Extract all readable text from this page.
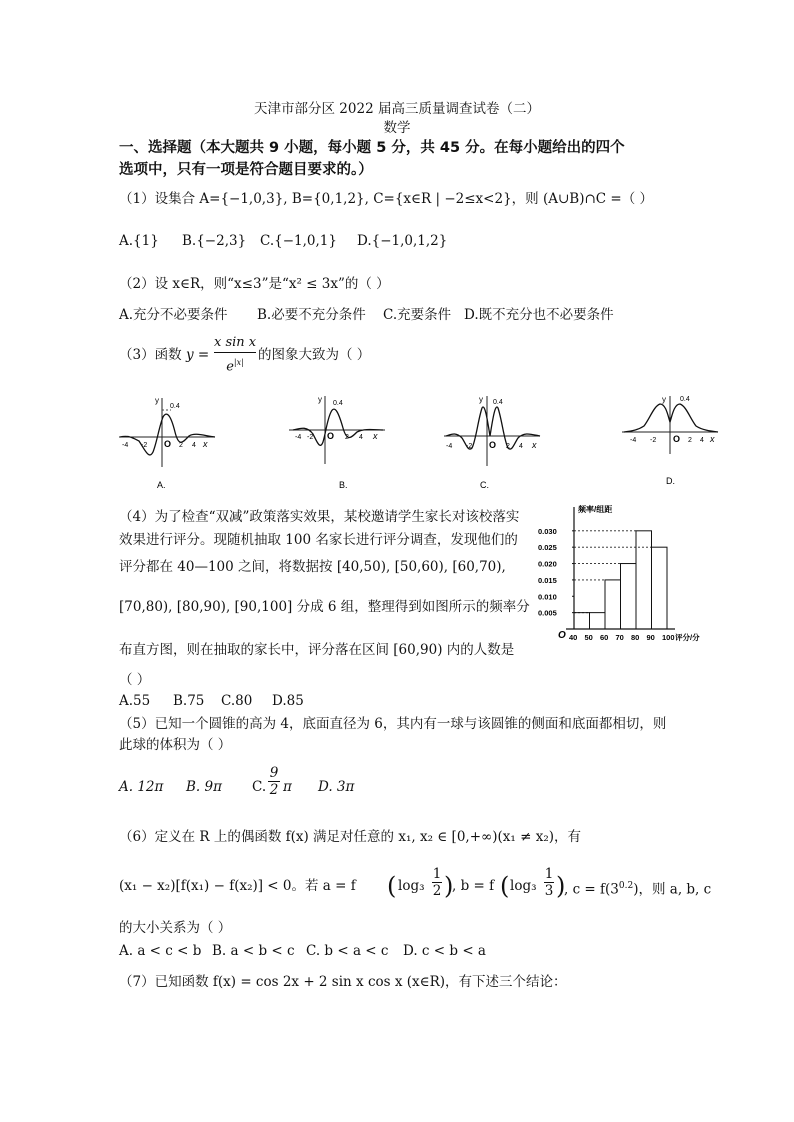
天津市部分区 2022 届高三质量调查试卷（二）
数学
一、选择题（本大题共 9 小题，每小题 5 分，共 45 分。在每小题给出的四个
选项中，只有一项是符合题目要求的。）
（1）设集合 A={−1,0,3}, B={0,1,2}, C={x∈R | −2≤x<2}，则 (A∪B)∩C =（ ）
A.{1} B.{−2,3} C.{−1,0,1} D.{−1,0,1,2}
（2）设 x∈R，则“x≤3”是“x² ≤ 3x”的（ ）
A.充分不必要条件 B.必要不充分条件 C.充要条件 D.既不充分也不必要条件
（3）函数 y =
x sin x
$e^{|x|}$	的图象大致为（ ）
y
0.4
-4 -2 O 2 4 x
A.
y 0.4
-4 -2 O 2 4 x
B.
y 0.4
-4 -2 O 2 4 x
C.
y 0.4
-4 -2 O 2 4 x
D.
（4）为了检查“双减”政策落实效果，某校邀请学生家长对该校落实
效果进行评分。现随机抽取 100 名家长进行评分调查，发现他们的
评分都在 40—100 之间，将数据按 [40,50), [50,60), [60,70),
[70,80), [80,90), [90,100] 分成 6 组，整理得到如图所示的频率分
布直方图，则在抽取的家长中，评分落在区间 [60,90) 内的人数是
（ ）
A.55 B.75 C.80 D.85
频率/组距
O	评分/分
0.030
0.025
0.020
0.015
0.010
0.005
40 50 60 70 80 90 100
（5）已知一个圆锥的高为 4，底面直径为 6，其内有一球与该圆锥的侧面和底面都相切，则
此球的体积为（ ）
A. 12π B. 9π C.
9
2 π D. 3π
（6）定义在 R 上的偶函数 f(x) 满足对任意的 x₁, x₂ ∈ [0,+∞)(x₁ ≠ x₂)，有
(x₁ − x₂)[f(x₁) − f(x₂)] < 0。若 a = f ( log₃
1
2 )
, b = f ( log₃
1
3 )
, $c = f(3^{0.2})$，则 a, b, c
的大小关系为（ ）
A. a < c < b B. a < b < c C. b < a < c D. c < b < a
（7）已知函数 f(x) = cos 2x + 2 sin x cos x (x∈R)，有下述三个结论：
